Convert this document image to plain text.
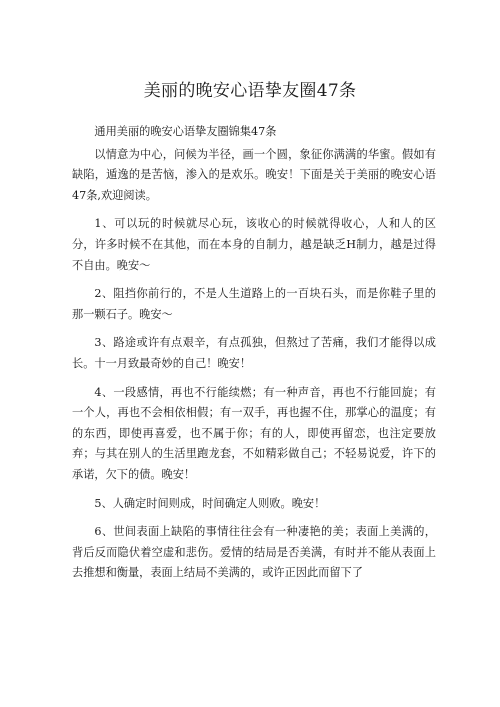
美丽的晚安心语挚友圈47条

通用美丽的晚安心语挚友圈锦集47条

以情意为中心，问候为半径，画一个圆，象征你满满的华蜜。假如有缺陷，遁逸的是苦恼，渗入的是欢乐。晚安！下面是关于美丽的晚安心语47条,欢迎阅读。

1、可以玩的时候就尽心玩，该收心的时候就得收心，人和人的区分，许多时候不在其他，而在本身的自制力，越是缺乏H制力，越是过得不自由。晚安～

2、阻挡你前行的，不是人生道路上的一百块石头，而是你鞋子里的那一颗石子。晚安～

3、路途或许有点艰辛，有点孤独，但熬过了苦痛，我们才能得以成长。十一月致最奇妙的自己！晚安！

4、一段感情，再也不行能续燃；有一种声音，再也不行能回旋；有一个人，再也不会相依相假；有一双手，再也握不住，那掌心的温度；有的东西，即使再喜爱，也不属于你；有的人，即使再留恋，也注定要放弃；与其在别人的生活里跑龙套，不如精彩做自己；不轻易说爱，许下的承诺，欠下的债。晚安！

5、人确定时间则成，时间确定人则败。晚安！

6、世间表面上缺陷的事情往往会有一种凄艳的美；表面上美满的，背后反而隐伏着空虚和悲伤。爱情的结局是否美满，有时并不能从表面上去推想和衡量，表面上结局不美满的，或许正因此而留下了
